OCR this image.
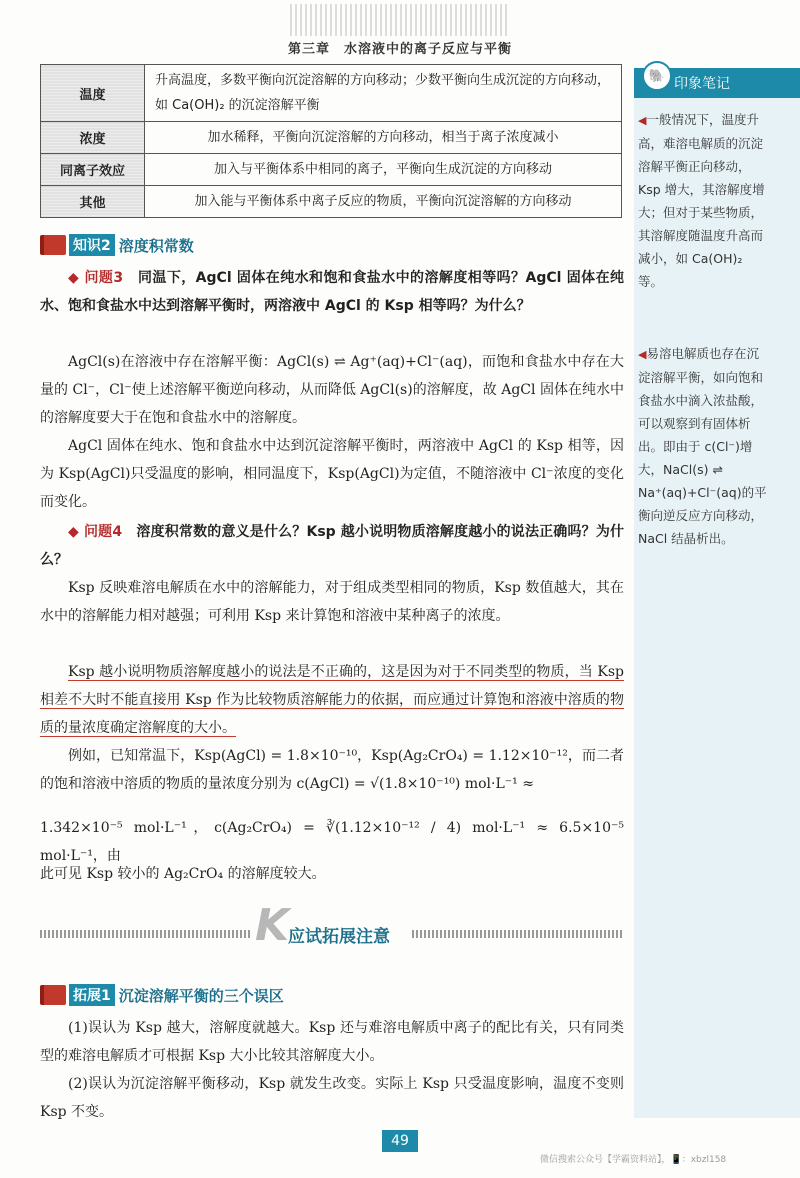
第三章　水溶液中的离子反应与平衡
印象笔记
🐘
◀一般情况下，温度升高，难溶电解质的沉淀溶解平衡正向移动，Ksp 增大，其溶解度增大；但对于某些物质，其溶解度随温度升高而减小，如 Ca(OH)₂ 等。
◀易溶电解质也存在沉淀溶解平衡，如向饱和食盐水中滴入浓盐酸，可以观察到有固体析出。即由于 c(Cl⁻)增大，NaCl(s) ⇌ Na⁺(aq)+Cl⁻(aq)的平衡向逆反应方向移动，NaCl 结晶析出。
温度	升高温度，多数平衡向沉淀溶解的方向移动；少数平衡向生成沉淀的方向移动，如 Ca(OH)₂ 的沉淀溶解平衡
浓度	加水稀释，平衡向沉淀溶解的方向移动，相当于离子浓度减小
同离子效应	加入与平衡体系中相同的离子，平衡向生成沉淀的方向移动
其他	加入能与平衡体系中离子反应的物质，平衡向沉淀溶解的方向移动
知识2 溶度积常数
◆ 问题3　 同温下，AgCl 固体在纯水和饱和食盐水中的溶解度相等吗？AgCl 固体在纯水、饱和食盐水中达到溶解平衡时，两溶液中 AgCl 的 Ksp 相等吗？为什么？
AgCl(s)在溶液中存在溶解平衡：AgCl(s) ⇌ Ag⁺(aq)+Cl⁻(aq)，而饱和食盐水中存在大量的 Cl⁻，Cl⁻使上述溶解平衡逆向移动，从而降低 AgCl(s)的溶解度，故 AgCl 固体在纯水中的溶解度要大于在饱和食盐水中的溶解度。
AgCl 固体在纯水、饱和食盐水中达到沉淀溶解平衡时，两溶液中 AgCl 的 Ksp 相等，因为 Ksp(AgCl)只受温度的影响，相同温度下，Ksp(AgCl)为定值，不随溶液中 Cl⁻浓度的变化而变化。
◆ 问题4　 溶度积常数的意义是什么？Ksp 越小说明物质溶解度越小的说法正确吗？为什么？
Ksp 反映难溶电解质在水中的溶解能力，对于组成类型相同的物质，Ksp 数值越大，其在水中的溶解能力相对越强；可利用 Ksp 来计算饱和溶液中某种离子的浓度。
Ksp 越小说明物质溶解度越小的说法是不正确的，这是因为对于不同类型的物质，当 Ksp 相差不大时不能直接用 Ksp 作为比较物质溶解能力的依据，而应通过计算饱和溶液中溶质的物质的量浓度确定溶解度的大小。
例如，已知常温下，Ksp(AgCl) = 1.8×10⁻¹⁰，Ksp(Ag₂CrO₄) = 1.12×10⁻¹²，而二者的饱和溶液中溶质的物质的量浓度分别为 c(AgCl) = √(1.8×10⁻¹⁰) mol·L⁻¹ ≈
1.342×10⁻⁵ mol·L⁻¹，c(Ag₂CrO₄) = ∛(1.12×10⁻¹² / 4) mol·L⁻¹ ≈ 6.5×10⁻⁵ mol·L⁻¹，由
此可见 Ksp 较小的 Ag₂CrO₄ 的溶解度较大。
K
应试拓展注意
拓展1 沉淀溶解平衡的三个误区
(1)误认为 Ksp 越大，溶解度就越大。Ksp 还与难溶电解质中离子的配比有关，只有同类型的难溶电解质才可根据 Ksp 大小比较其溶解度大小。
(2)误认为沉淀溶解平衡移动，Ksp 就发生改变。实际上 Ksp 只受温度影响，温度不变则 Ksp 不变。
49
微信搜索公众号【学霸资料站】，📱：xbzl158
